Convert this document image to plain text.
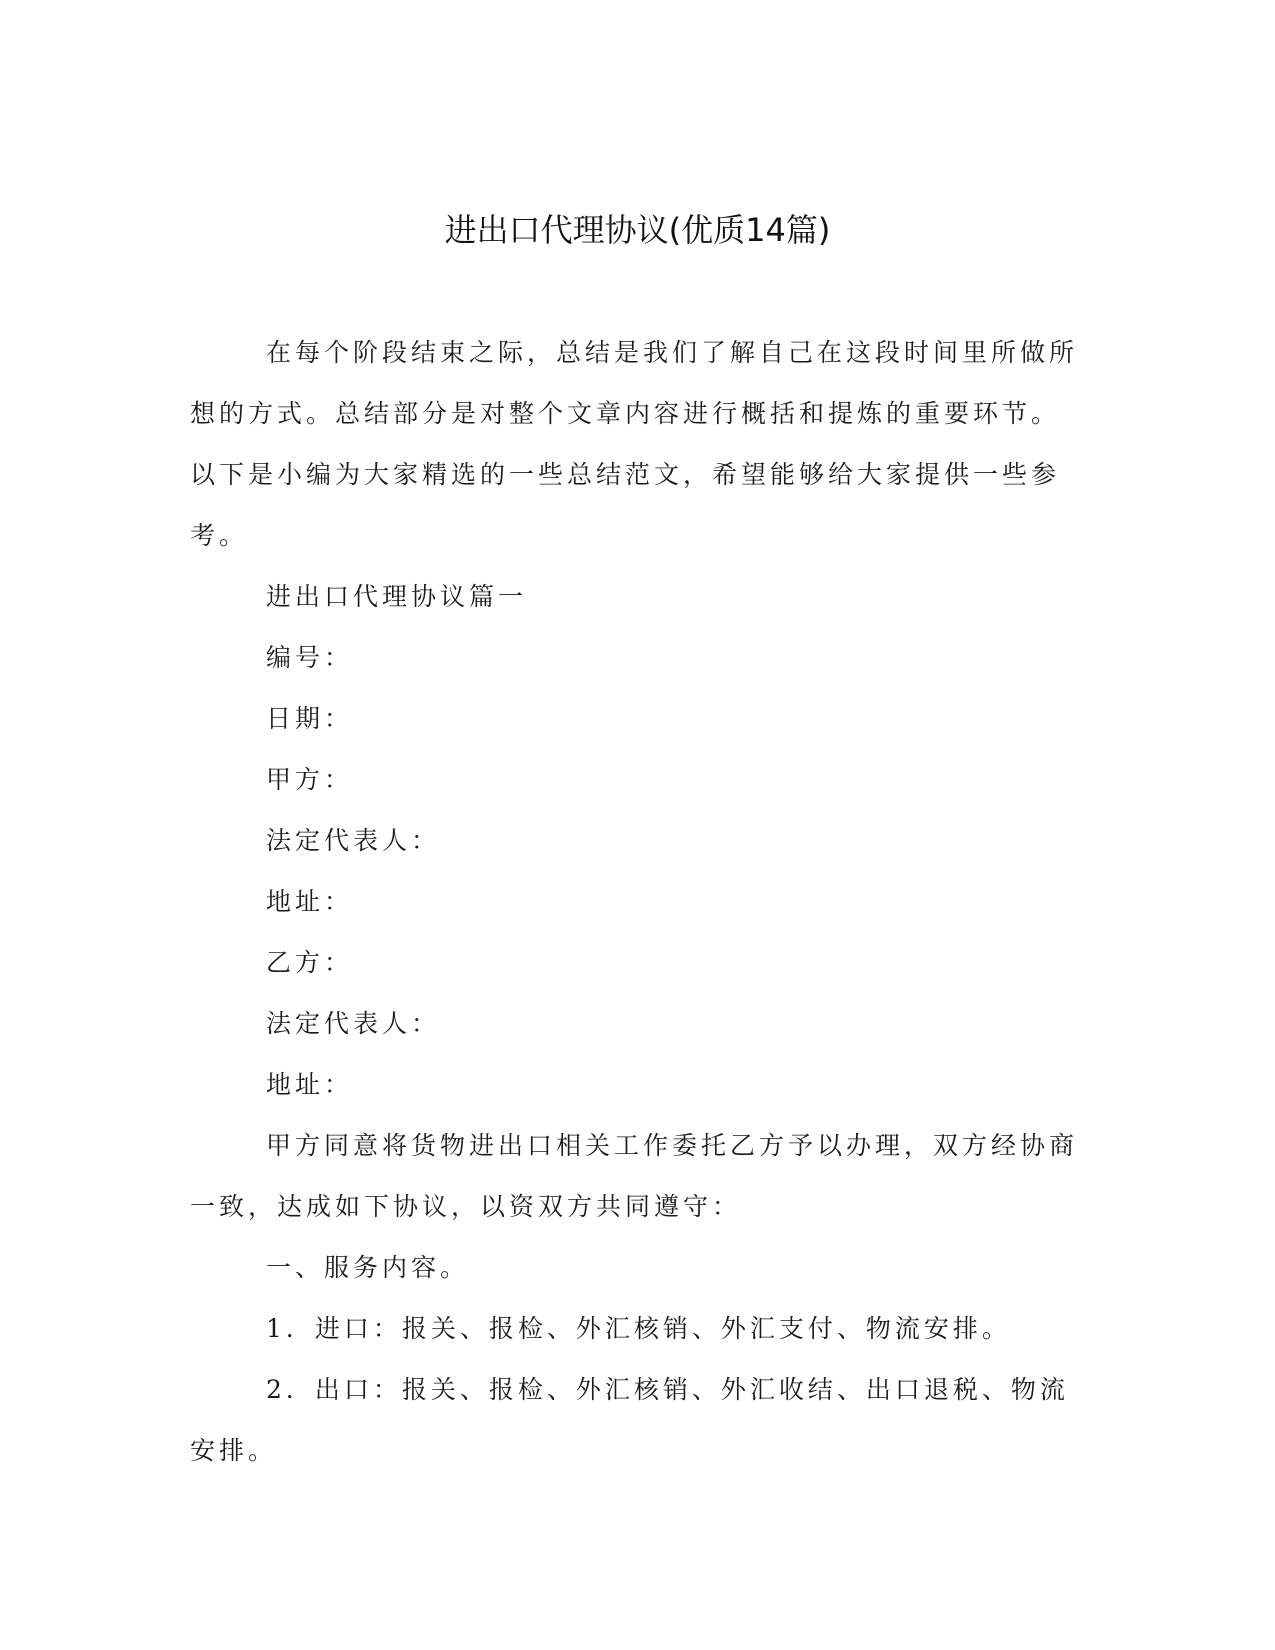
进出口代理协议(优质14篇)

在每个阶段结束之际，总结是我们了解自己在这段时间里所做所想的方式。总结部分是对整个文章内容进行概括和提炼的重要环节。以下是小编为大家精选的一些总结范文，希望能够给大家提供一些参考。

进出口代理协议篇一

编号：

日期：

甲方：

法定代表人：

地址：

乙方：

法定代表人：

地址：

甲方同意将货物进出口相关工作委托乙方予以办理，双方经协商一致，达成如下协议，以资双方共同遵守：

一、服务内容。

1．进口：报关、报检、外汇核销、外汇支付、物流安排。

2．出口：报关、报检、外汇核销、外汇收结、出口退税、物流安排。
